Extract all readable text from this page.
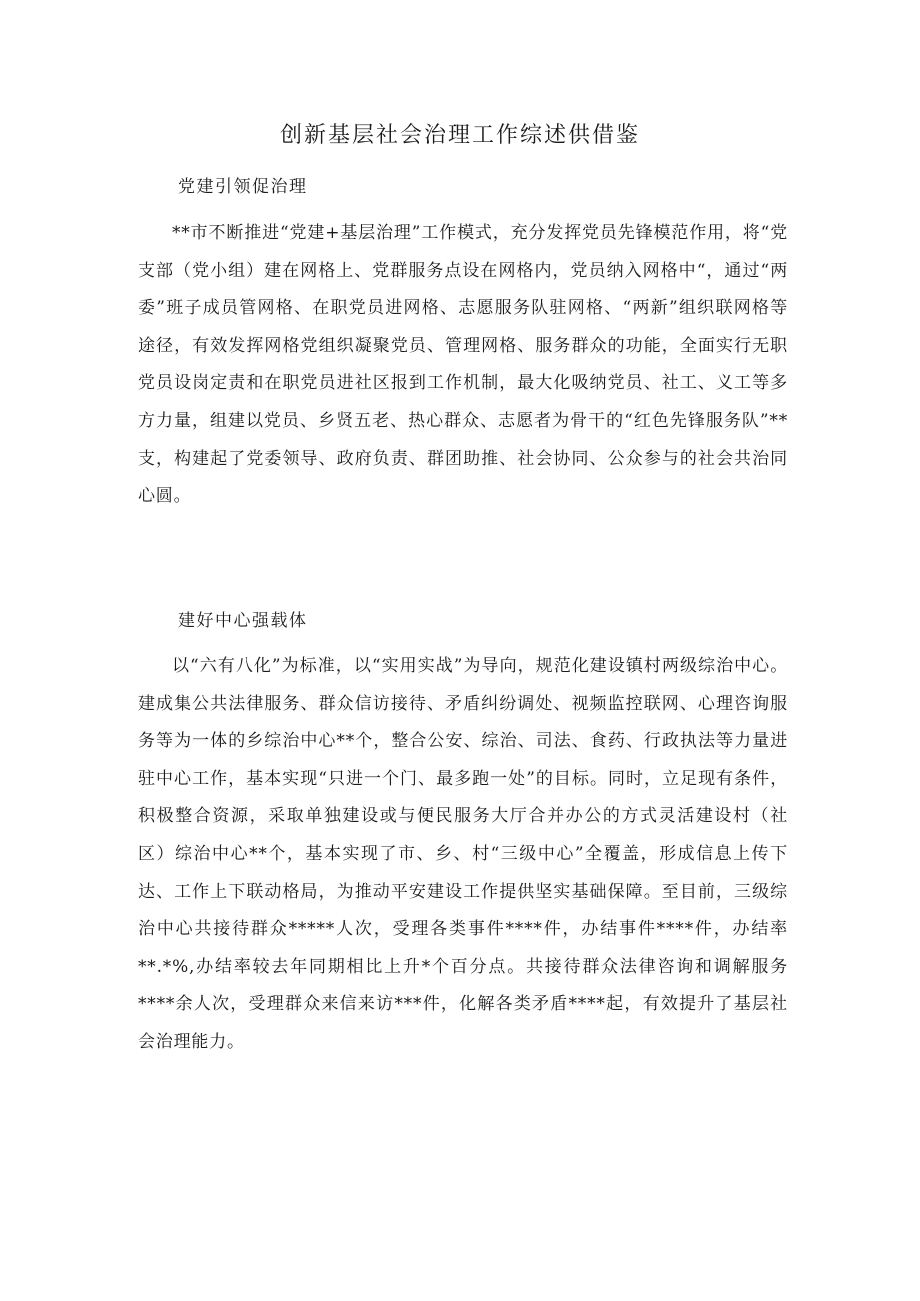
创新基层社会治理工作综述供借鉴
党建引领促治理

**市不断推进“党建+基层治理”工作模式，充分发挥党员先锋模范作用，将“党支部（党小组）建在网格上、党群服务点设在网格内，党员纳入网格中“，通过“两委”班子成员管网格、在职党员进网格、志愿服务队驻网格、“两新”组织联网格等途径，有效发挥网格党组织凝聚党员、管理网格、服务群众的功能，全面实行无职党员设岗定责和在职党员进社区报到工作机制，最大化吸纳党员、社工、义工等多方力量，组建以党员、乡贤五老、热心群众、志愿者为骨干的“红色先锋服务队”**支，构建起了党委领导、政府负责、群团助推、社会协同、公众参与的社会共治同心圆。

建好中心强载体

以“六有八化”为标准，以“实用实战”为导向，规范化建设镇村两级综治中心。建成集公共法律服务、群众信访接待、矛盾纠纷调处、视频监控联网、心理咨询服务等为一体的乡综治中心**个，整合公安、综治、司法、食药、行政执法等力量进驻中心工作，基本实现“只进一个门、最多跑一处”的目标。同时，立足现有条件，积极整合资源，采取单独建设或与便民服务大厅合并办公的方式灵活建设村（社区）综治中心**个，基本实现了市、乡、村“三级中心”全覆盖，形成信息上传下达、工作上下联动格局，为推动平安建设工作提供坚实基础保障。至目前，三级综治中心共接待群众*****人次，受理各类事件****件，办结事件****件，办结率**.*%,办结率较去年同期相比上升*个百分点。共接待群众法律咨询和调解服务****余人次，受理群众来信来访***件，化解各类矛盾****起，有效提升了基层社会治理能力。
